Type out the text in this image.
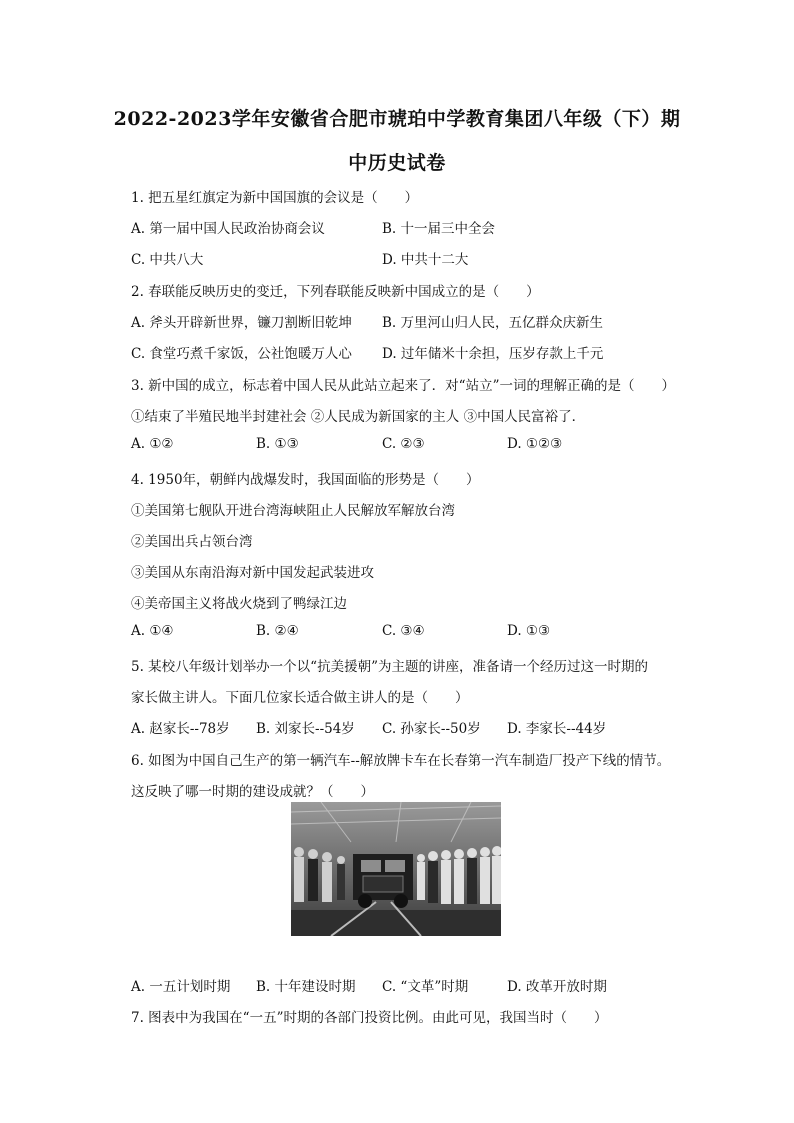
2022-2023学年安徽省合肥市琥珀中学教育集团八年级（下）期
中历史试卷
1. 把五星红旗定为新中国国旗的会议是（　　）
A. 第一届中国人民政治协商会议	B. 十一届三中全会
C. 中共八大	D. 中共十二大
2. 春联能反映历史的变迁，下列春联能反映新中国成立的是（　　）
A. 斧头开辟新世界，镰刀割断旧乾坤 B. 万里河山归人民，五亿群众庆新生
C. 食堂巧煮千家饭，公社饱暖万人心 D. 过年储米十余担，压岁存款上千元
3. 新中国的成立，标志着中国人民从此站立起来了．对“站立”一词的理解正确的是（　　）
①结束了半殖民地半封建社会 ②人民成为新国家的主人 ③中国人民富裕了．
A. ①②	B. ①③	C. ②③	D. ①②③
4. 1950年，朝鲜内战爆发时，我国面临的形势是（　　）
①美国第七舰队开进台湾海峡阻止人民解放军解放台湾
②美国出兵占领台湾
③美国从东南沿海对新中国发起武装进攻
④美帝国主义将战火烧到了鸭绿江边
A. ①④	B. ②④	C. ③④	D. ①③
5. 某校八年级计划举办一个以“抗美援朝”为主题的讲座，准备请一个经历过这一时期的
家长做主讲人。下面几位家长适合做主讲人的是（　　）
A. 赵家长--78岁 B. 刘家长--54岁 C. 孙家长--50岁 D. 李家长--44岁
6. 如图为中国自己生产的第一辆汽车--解放牌卡车在长春第一汽车制造厂投产下线的情节。
这反映了哪一时期的建设成就？（　　）
A. 一五计划时期 B. 十年建设时期 C. “文革”时期	D. 改革开放时期
7. 图表中为我国在“一五”时期的各部门投资比例。由此可见，我国当时（　　）
